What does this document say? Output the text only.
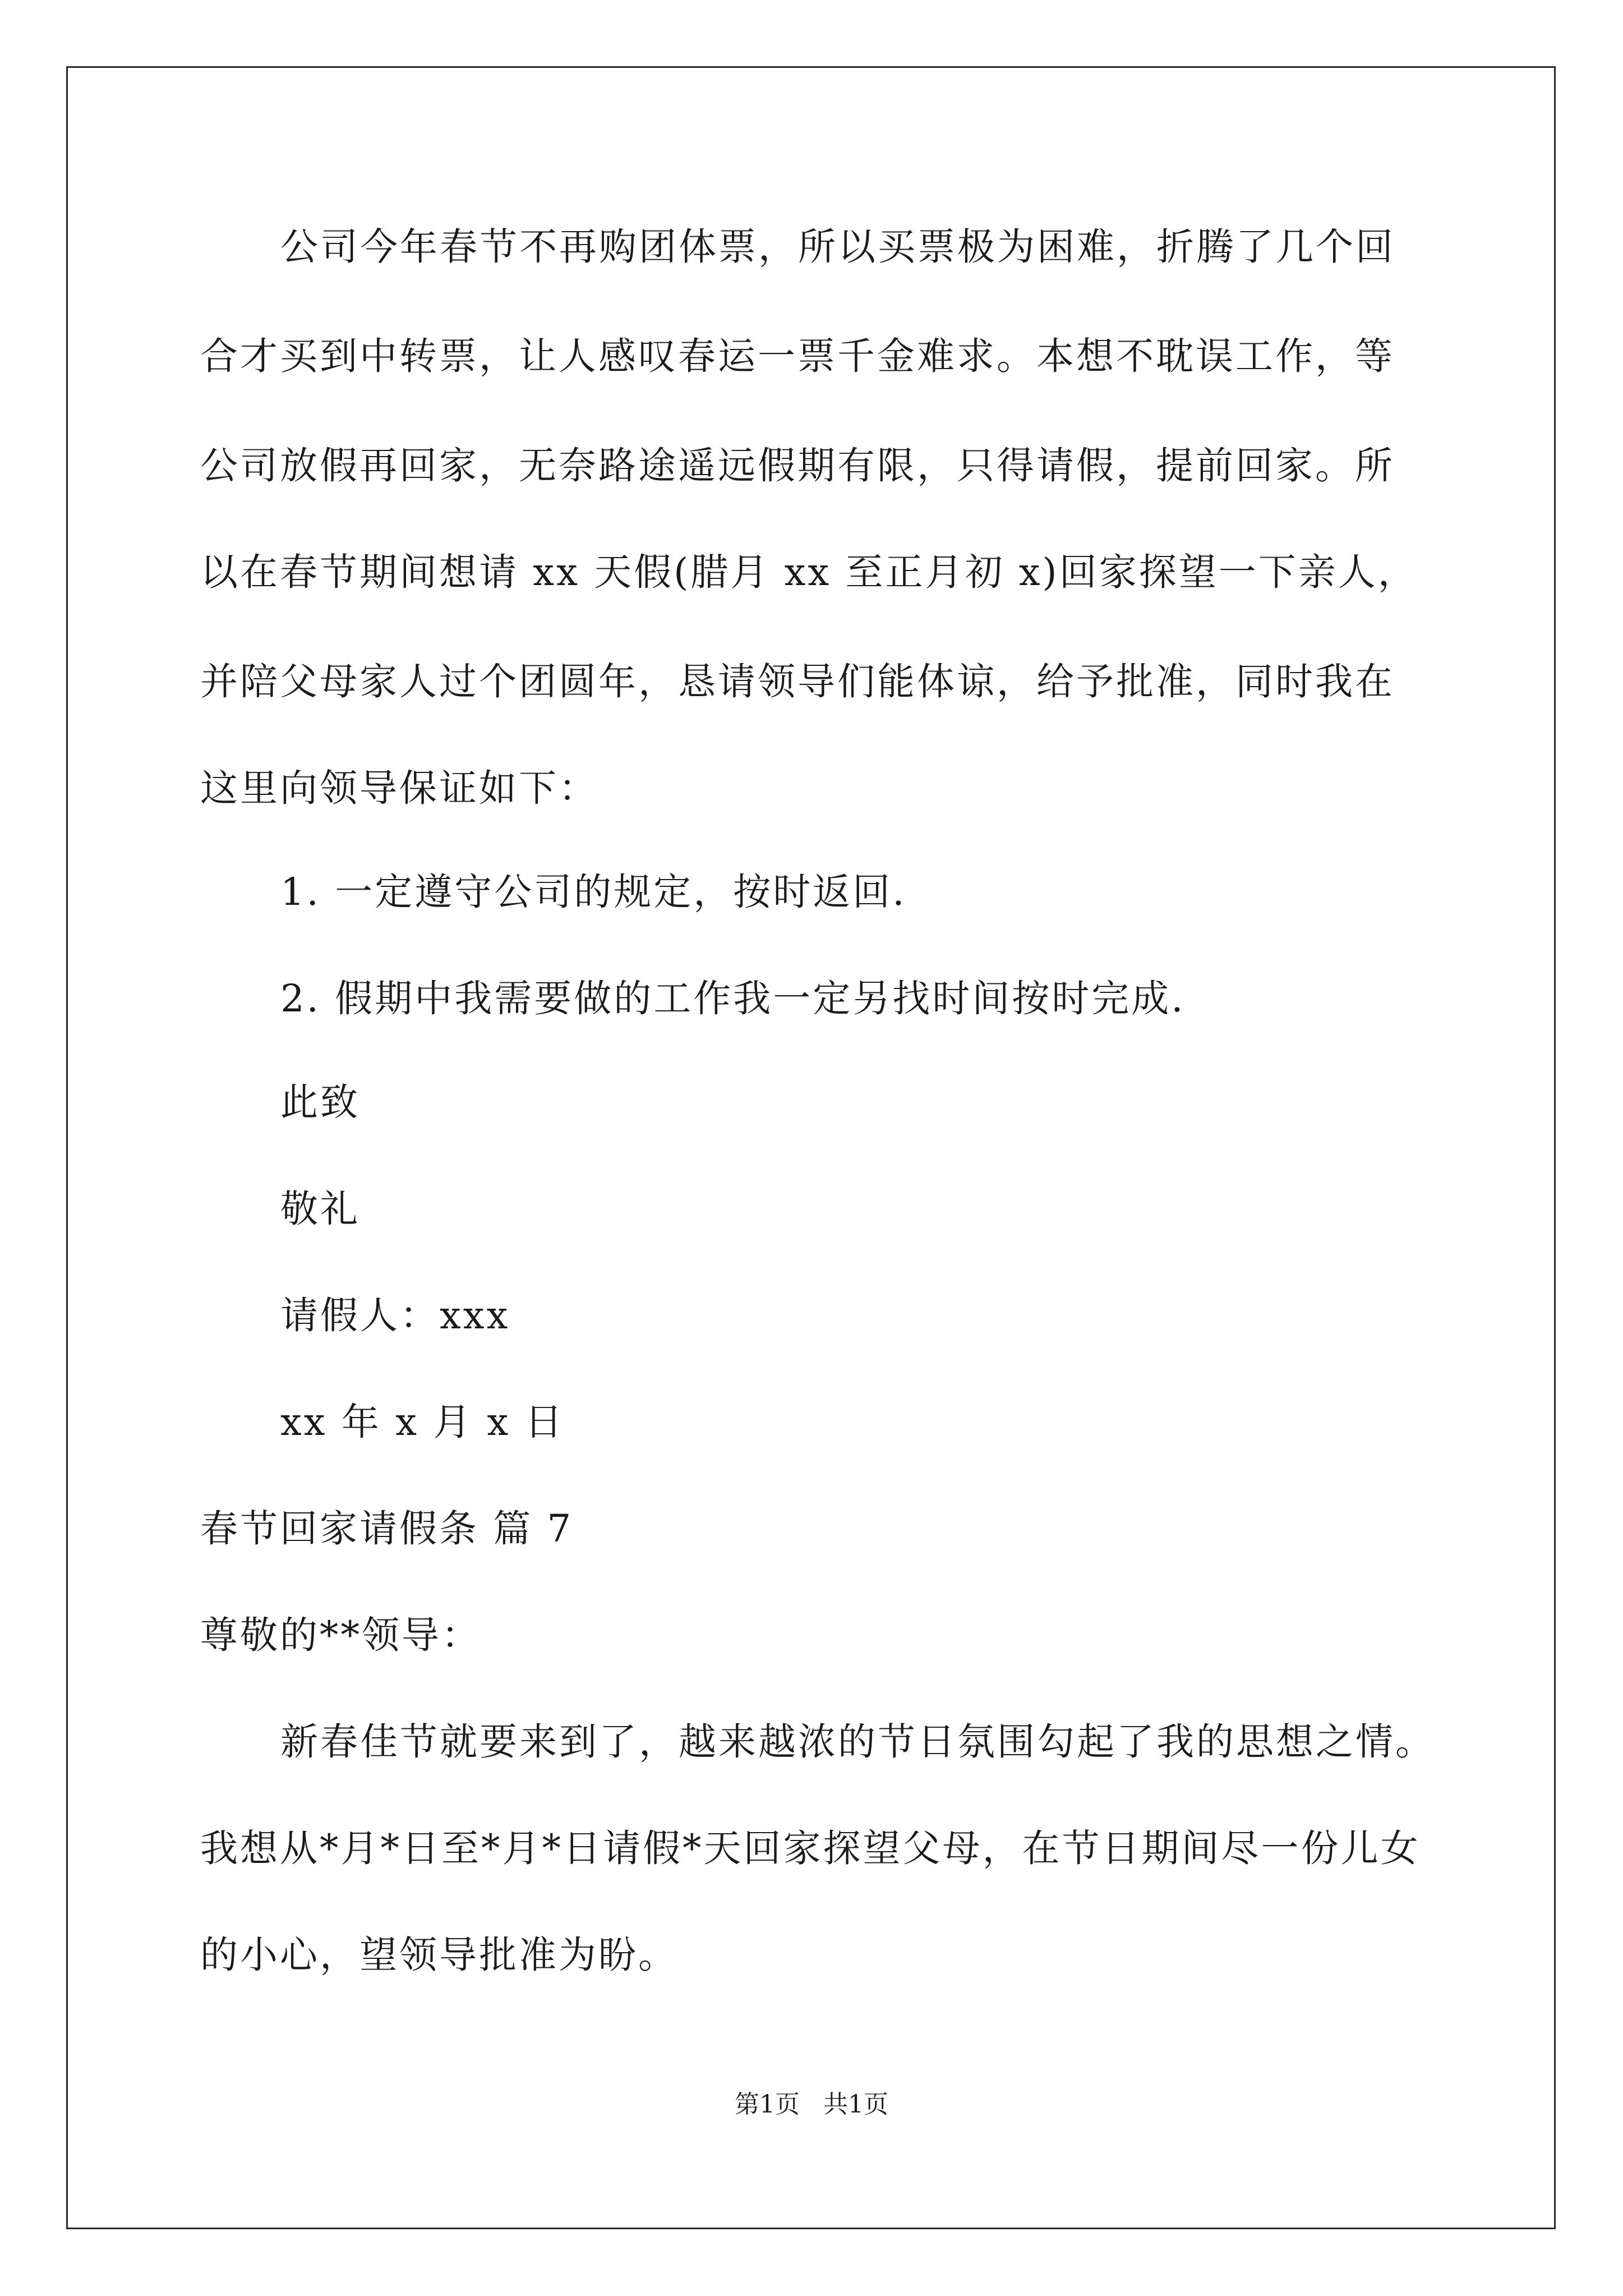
公司今年春节不再购团体票，所以买票极为困难，折腾了几个回
合才买到中转票，让人感叹春运一票千金难求。本想不耽误工作，等
公司放假再回家，无奈路途遥远假期有限，只得请假，提前回家。所
以在春节期间想请 xx 天假(腊月 xx 至正月初 x)回家探望一下亲人，
并陪父母家人过个团圆年，恳请领导们能体谅，给予批准，同时我在
这里向领导保证如下：
1. 一定遵守公司的规定，按时返回.
2. 假期中我需要做的工作我一定另找时间按时完成.
此致
敬礼
请假人：xxx
xx 年 x 月 x 日
春节回家请假条 篇 7
尊敬的**领导：
新春佳节就要来到了，越来越浓的节日氛围勾起了我的思想之情。
我想从*月*日至*月*日请假*天回家探望父母，在节日期间尽一份儿女
的小心，望领导批准为盼。
第1页   共1页
